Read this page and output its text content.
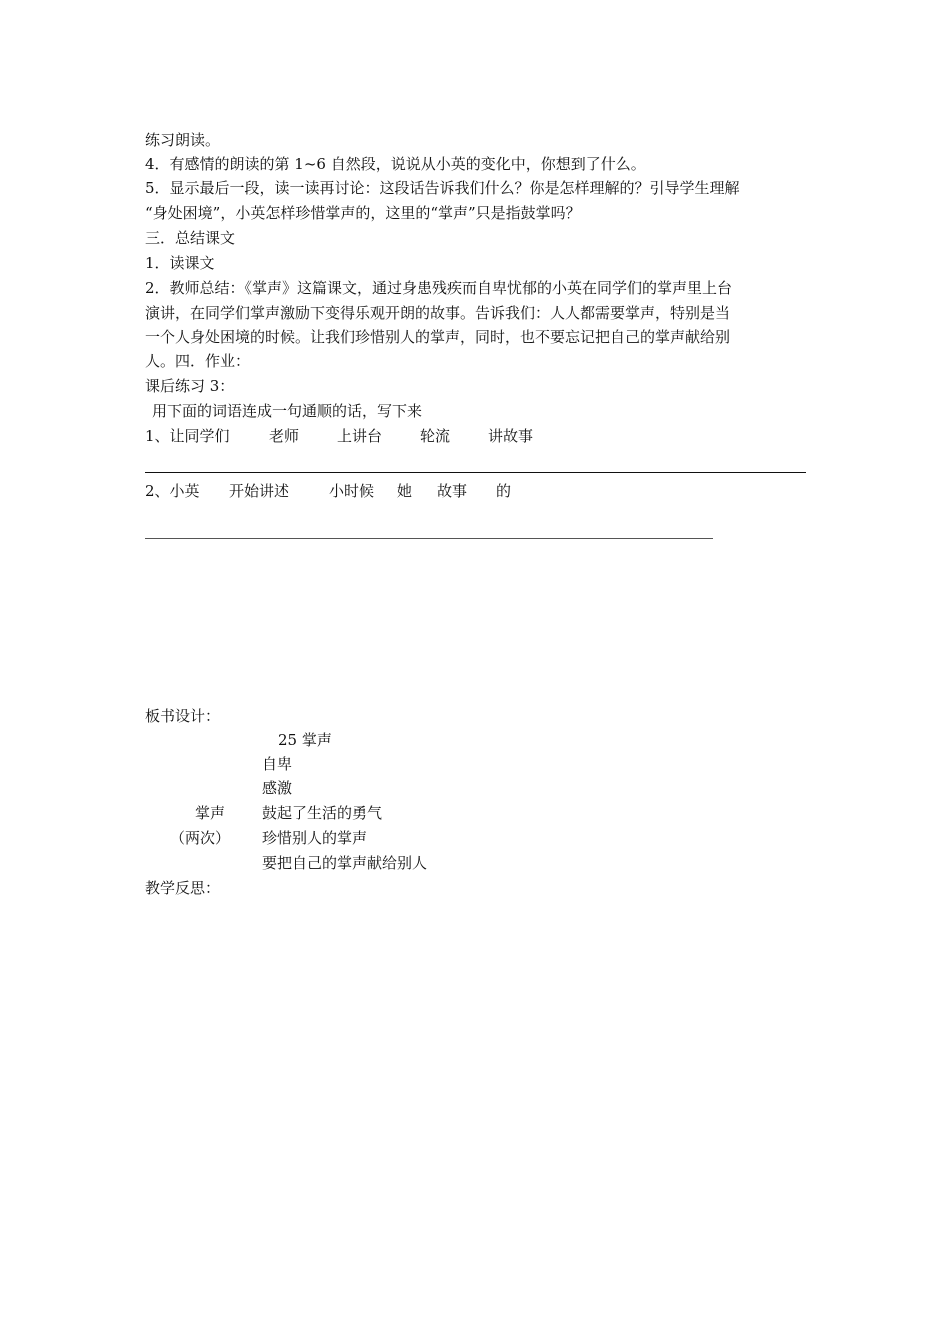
练习朗读。
4．有感情的朗读的第 1~6 自然段，说说从小英的变化中，你想到了什么。
5．显示最后一段，读一读再讨论：这段话告诉我们什么？你是怎样理解的？引导学生理解
“身处困境”，小英怎样珍惜掌声的，这里的“掌声”只是指鼓掌吗？
三．总结课文
1．读课文
2．教师总结：《掌声》这篇课文，通过身患残疾而自卑忧郁的小英在同学们的掌声里上台
演讲，在同学们掌声激励下变得乐观开朗的故事。告诉我们：人人都需要掌声，特别是当
一个人身处困境的时候。让我们珍惜别人的掌声，同时，也不要忘记把自己的掌声献给别
人。四．作业：
课后练习 3：
用下面的词语连成一句通顺的话，写下来
1、让同学们	老师	上讲台	轮流	讲故事
2、小英 开始讲述	小时候 她 故事 的
板书设计：
25 掌声
自卑
感激
掌声 鼓起了生活的勇气
（两次） 珍惜别人的掌声
要把自己的掌声献给别人
教学反思：
